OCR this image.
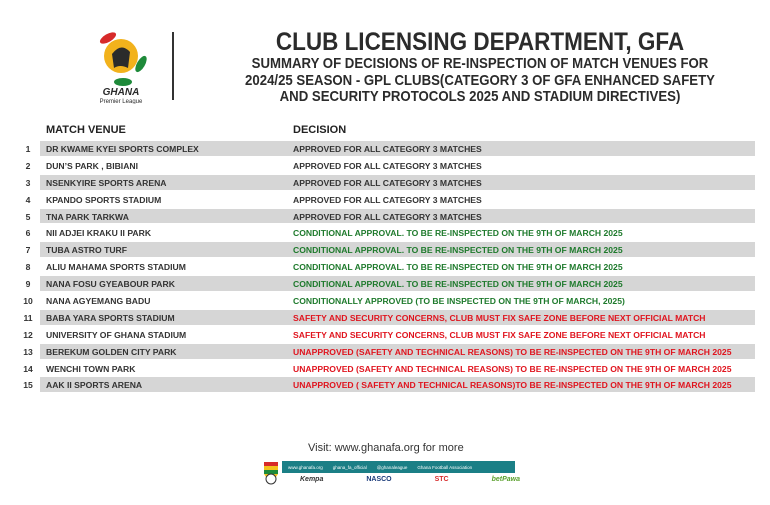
GHANA
Premier League
CLUB LICENSING DEPARTMENT, GFA
SUMMARY OF DECISIONS OF RE-INSPECTION OF MATCH VENUES FOR
2024/25 SEASON - GPL CLUBS(CATEGORY 3 OF GFA ENHANCED SAFETY
AND SECURITY PROTOCOLS 2025 AND STADIUM DIRECTIVES)
MATCH VENUE	DECISION
1	DR KWAME KYEI SPORTS COMPLEX	APPROVED FOR ALL CATEGORY 3 MATCHES
2	DUN’S PARK , BIBIANI	APPROVED FOR ALL CATEGORY 3 MATCHES
3	NSENKYIRE SPORTS ARENA	APPROVED FOR ALL CATEGORY 3 MATCHES
4	KPANDO SPORTS STADIUM	APPROVED FOR ALL CATEGORY 3 MATCHES
5	TNA PARK TARKWA	APPROVED FOR ALL CATEGORY 3 MATCHES
6	NII ADJEI KRAKU II PARK	CONDITIONAL APPROVAL. TO BE RE-INSPECTED ON THE 9TH OF MARCH 2025
7	TUBA ASTRO TURF	CONDITIONAL APPROVAL. TO BE RE-INSPECTED ON THE 9TH OF MARCH 2025
8	ALIU MAHAMA SPORTS STADIUM	CONDITIONAL APPROVAL. TO BE RE-INSPECTED ON THE 9TH OF MARCH 2025
9	NANA FOSU GYEABOUR PARK	CONDITIONAL APPROVAL. TO BE RE-INSPECTED ON THE 9TH OF MARCH 2025
10	NANA AGYEMANG BADU	CONDITIONALLY APPROVED (TO BE INSPECTED ON THE 9TH OF MARCH, 2025)
11	BABA YARA SPORTS STADIUM	SAFETY AND SECURITY CONCERNS, CLUB MUST FIX SAFE ZONE BEFORE NEXT OFFICIAL MATCH
12	UNIVERSITY OF GHANA STADIUM	SAFETY AND SECURITY CONCERNS, CLUB MUST FIX SAFE ZONE BEFORE NEXT OFFICIAL MATCH
13	BEREKUM GOLDEN CITY PARK	UNAPPROVED (SAFETY AND TECHNICAL REASONS) TO BE RE-INSPECTED ON THE 9TH OF MARCH 2025
14	WENCHI TOWN PARK	UNAPPROVED (SAFETY AND TECHNICAL REASONS) TO BE RE-INSPECTED ON THE 9TH OF MARCH 2025
15	AAK II SPORTS ARENA	UNAPPROVED ( SAFETY AND TECHNICAL REASONS)TO BE RE-INSPECTED ON THE 9TH OF MARCH 2025
Visit: www.ghanafa.org for more
www.ghanafa.org ghana_fa_official @ghanaleague Ghana Football Association
Kempa	NASCO	STC	betPawa
